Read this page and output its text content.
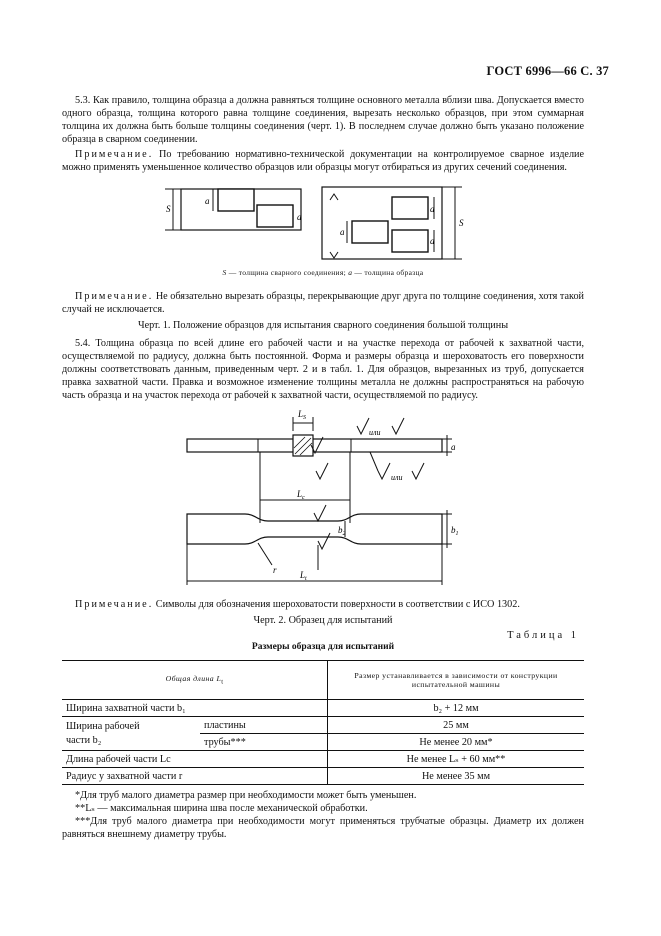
ГОСТ 6996—66 С. 37

5.3. Как правило, толщина образца a должна равняться толщине основного металла вблизи шва. Допускается вместо одного образца, толщина которого равна толщине соединения, вырезать несколько образцов, при этом суммарная толщина их должна быть больше толщины соединения (черт. 1). В последнем случае должно быть указано положение образца в сварном соединении.

Примечание. По требованию нормативно-технической документации на контролируемое сварное изделие можно применять уменьшенное количество образцов или образцы могут отбираться из других сечений соединения.

S
a
a
S
a
a
a

S — толщина сварного соединения; a — толщина образца

Примечание. Не обязательно вырезать образцы, перекрывающие друг друга по толщине соединения, хотя такой случай не исключается.

Черт. 1. Положение образцов для испытания сварного соединения большой толщины

5.4. Толщина образца по всей длине его рабочей части и на участке перехода от рабочей к захватной части, осуществляемой по радиусу, должна быть постоянной. Форма и размеры образца и шероховатость его поверхности должны соответствовать данным, приведенным черт. 2 и в табл. 1. Для образцов, вырезанных из труб, допускается правка захватной части. Правка и возможное изменение толщины металла не должны распространяться на рабочую часть образца и на участок перехода от рабочей к захватной части, осуществляемой по радиусу.

$L_S$
$L_c$
$L_t$
a
$b_1$
$b_2$
r
или
или

Примечание. Символы для обозначения шероховатости поверхности в соответствии с ИСО 1302.

Черт. 2. Образец для испытаний

Таблица 1
Размеры образца для испытаний
Общая длина $L_t$		Размер устанавливается в зависимости от конструкции испытательной машины
Ширина захватной части b₁		b₂ + 12 мм
Ширина рабочей
части b₂	пластины	25 мм
	трубы***	Не менее 20 мм*
Длина рабочей части Lс		Не менее Lₛ + 60 мм**
Радиус у захватной части r		Не менее 35 мм

*Для труб малого диаметра размер при необходимости может быть уменьшен.

**Lₛ — максимальная ширина шва после механической обработки.

***Для труб малого диаметра при необходимости могут применяться трубчатые образцы. Диаметр их должен равняться внешнему диаметру трубы.
